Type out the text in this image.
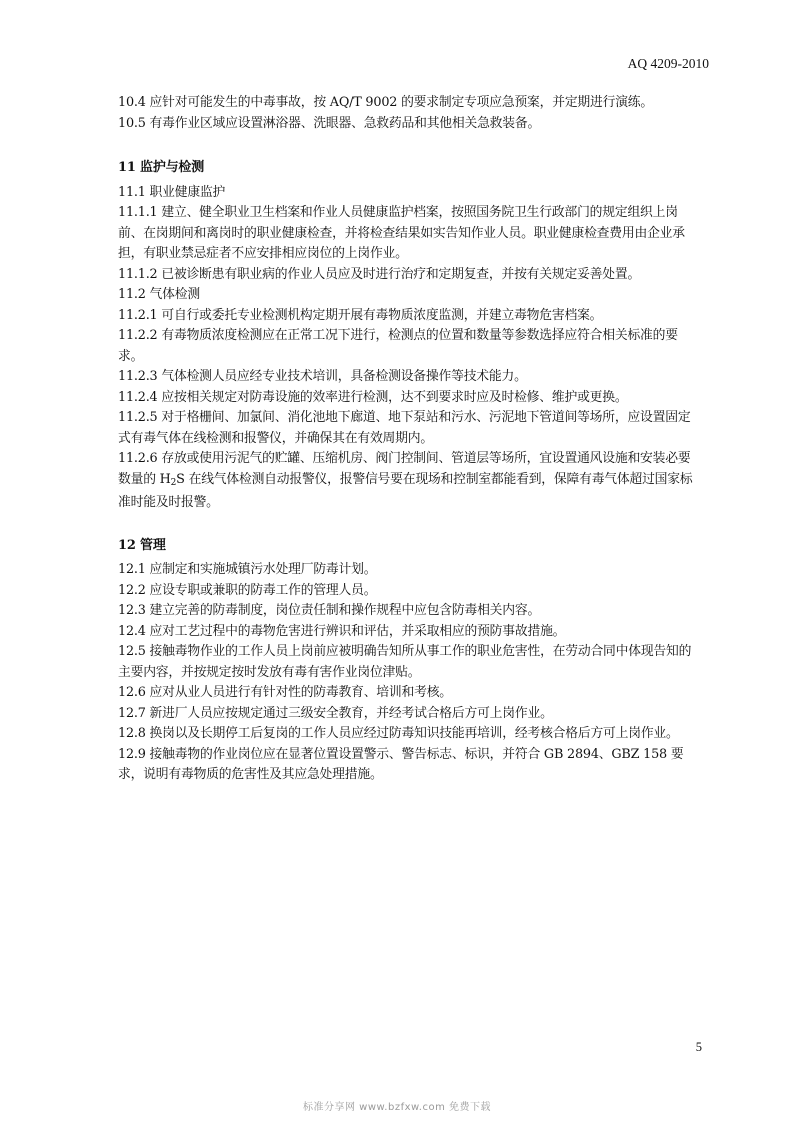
AQ 4209-2010

10.4 应针对可能发生的中毒事故，按 AQ/T 9002 的要求制定专项应急预案，并定期进行演练。

10.5 有毒作业区域应设置淋浴器、洗眼器、急救药品和其他相关急救装备。

11 监护与检测

11.1 职业健康监护

11.1.1 建立、健全职业卫生档案和作业人员健康监护档案，按照国务院卫生行政部门的规定组织上岗前、在岗期间和离岗时的职业健康检查，并将检查结果如实告知作业人员。职业健康检查费用由企业承担，有职业禁忌症者不应安排相应岗位的上岗作业。

11.1.2 已被诊断患有职业病的作业人员应及时进行治疗和定期复查，并按有关规定妥善处置。

11.2 气体检测

11.2.1 可自行或委托专业检测机构定期开展有毒物质浓度监测，并建立毒物危害档案。

11.2.2 有毒物质浓度检测应在正常工况下进行，检测点的位置和数量等参数选择应符合相关标准的要求。

11.2.3 气体检测人员应经专业技术培训，具备检测设备操作等技术能力。

11.2.4 应按相关规定对防毒设施的效率进行检测，达不到要求时应及时检修、维护或更换。

11.2.5 对于格栅间、加氯间、消化池地下廊道、地下泵站和污水、污泥地下管道间等场所，应设置固定式有毒气体在线检测和报警仪，并确保其在有效周期内。

11.2.6 存放或使用污泥气的贮罐、压缩机房、阀门控制间、管道层等场所，宜设置通风设施和安装必要数量的 $H_2S$ 在线气体检测自动报警仪，报警信号要在现场和控制室都能看到，保障有毒气体超过国家标准时能及时报警。

12 管理

12.1 应制定和实施城镇污水处理厂防毒计划。

12.2 应设专职或兼职的防毒工作的管理人员。

12.3 建立完善的防毒制度，岗位责任制和操作规程中应包含防毒相关内容。

12.4 应对工艺过程中的毒物危害进行辨识和评估，并采取相应的预防事故措施。

12.5 接触毒物作业的工作人员上岗前应被明确告知所从事工作的职业危害性，在劳动合同中体现告知的主要内容，并按规定按时发放有毒有害作业岗位津贴。

12.6 应对从业人员进行有针对性的防毒教育、培训和考核。

12.7 新进厂人员应按规定通过三级安全教育，并经考试合格后方可上岗作业。

12.8 换岗以及长期停工后复岗的工作人员应经过防毒知识技能再培训，经考核合格后方可上岗作业。

12.9 接触毒物的作业岗位应在显著位置设置警示、警告标志、标识，并符合 GB 2894、GBZ 158 要求，说明有毒物质的危害性及其应急处理措施。

5
标准分享网 www.bzfxw.com 免费下载
